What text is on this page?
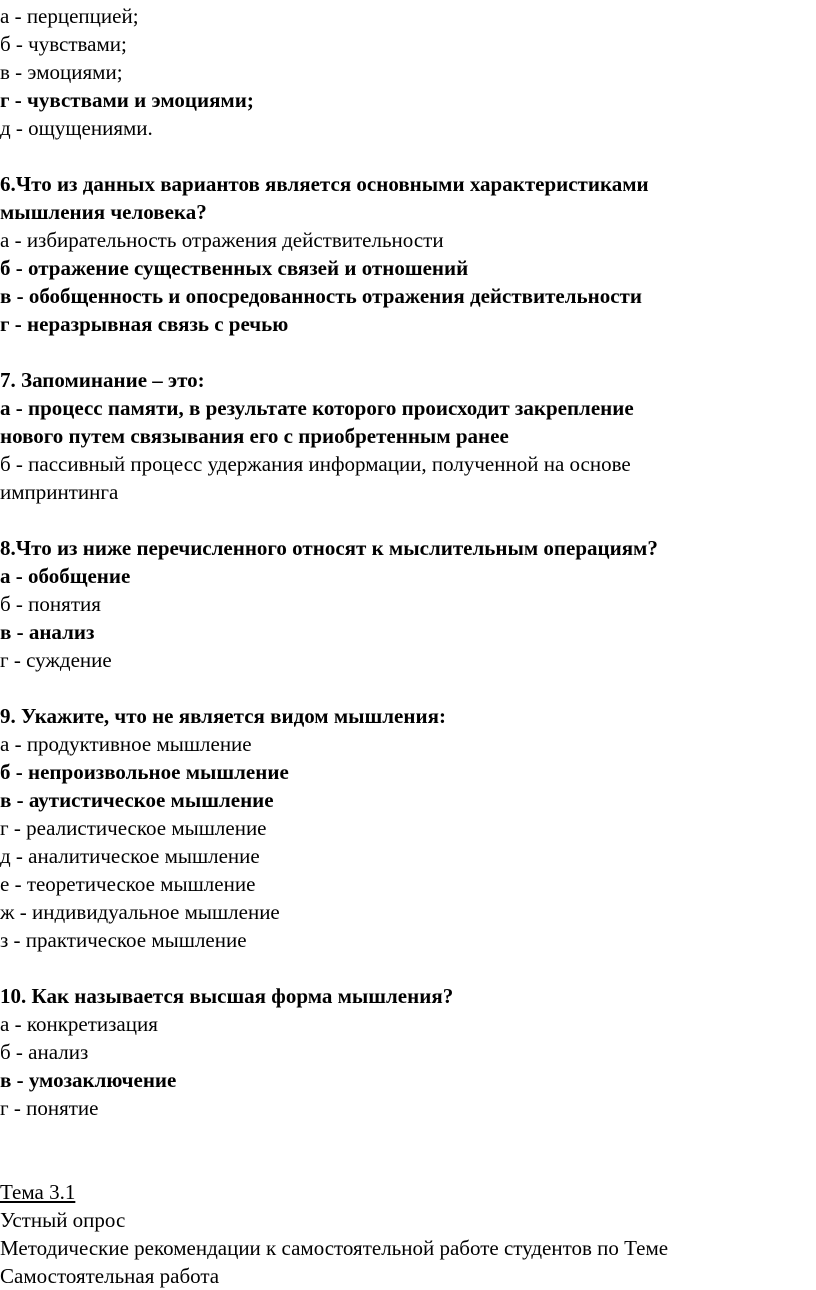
а - перцепцией;
б - чувствами;
в - эмоциями;
г - чувствами и эмоциями;
д - ощущениями.
6.Что из данных вариантов является основными характеристиками
мышления человека?
а - избирательность отражения действительности
б - отражение существенных связей и отношений
в - обобщенность и опосредованность отражения действительности
г - неразрывная связь с речью
7. Запоминание – это:
а - процесс памяти, в результате которого происходит закрепление
нового путем связывания его с приобретенным ранее
б - пассивный процесс удержания информации, полученной на основе
импринтинга
8.Что из ниже перечисленного относят к мыслительным операциям?
а - обобщение
б - понятия
в - анализ
г - суждение
9. Укажите, что не является видом мышления:
а - продуктивное мышление
б - непроизвольное мышление
в - аутистическое мышление
г - реалистическое мышление
д - аналитическое мышление
е - теоретическое мышление
ж - индивидуальное мышление
з - практическое мышление
10. Как называется высшая форма мышления?
а - конкретизация
б - анализ
в - умозаключение
г - понятие
Тема 3.1
Устный опрос
Методические рекомендации к самостоятельной работе студентов по Теме
Самостоятельная работа
